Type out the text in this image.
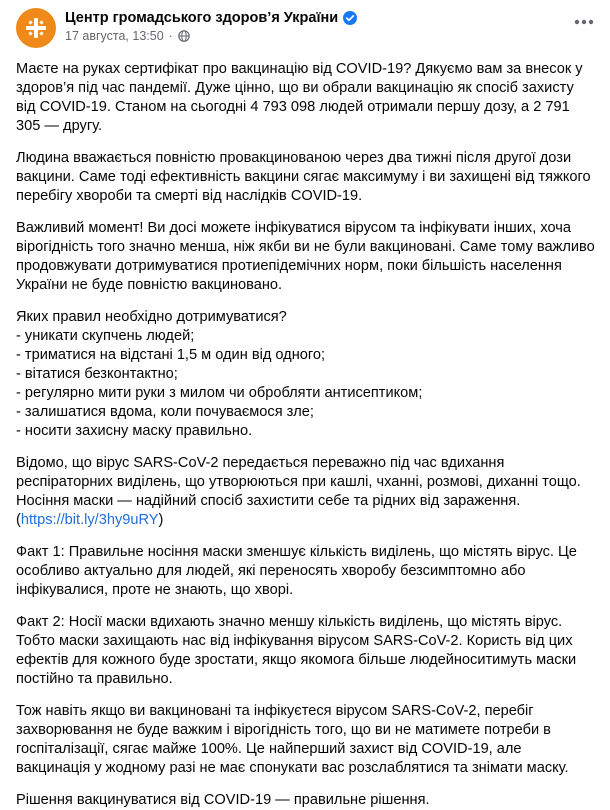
Центр громадського здоров’я України
17 августа, 13:50 ·

Маєте на руках сертифікат про вакцинацію від COVID-19? Дякуємо вам за внесок у здоров’я під час пандемії. Дуже цінно, що ви обрали вакцинацію як спосіб захисту від COVID-19. Станом на сьогодні 4 793 098 людей отримали першу дозу, а 2 791 305 — другу.

Людина вважається повністю провакцинованою через два тижні після другої дози вакцини. Саме тоді ефективність вакцини сягає максимуму і ви захищені від тяжкого перебігу хвороби та смерті від наслідків COVID-19.

Важливий момент! Ви досі можете інфікуватися вірусом та інфікувати інших, хоча вірогідність того значно менша, ніж якби ви не були вакциновані. Саме тому важливо продовжувати дотримуватися протиепідемічних норм, поки більшість населення України не буде повністю вакциновано.

Яких правил необхідно дотримуватися?
- уникати скупчень людей;
- триматися на відстані 1,5 м один від одного;
- вітатися безконтактно;
- регулярно мити руки з милом чи обробляти антисептиком;
- залишатися вдома, коли почуваємося зле;
- носити захисну маску правильно.

Відомо, що вірус SARS-CoV-2 передається переважно під час вдихання респіраторних виділень, що утворюються при кашлі, чханні, розмові, диханні тощо. Носіння маски — надійний спосіб захистити себе та рідних від зараження. (https://bit.ly/3hy9uRY)

Факт 1: Правильне носіння маски зменшує кількість виділень, що містять вірус. Це особливо актуально для людей, які переносять хворобу безсимптомно або інфікувалися, проте не знають, що хворі.

Факт 2: Носії маски вдихають значно меншу кількість виділень, що містять вірус. Тобто маски захищають нас від інфікування вірусом SARS-CoV-2. Користь від цих ефектів для кожного буде зростати, якщо якомога більше людейноситимуть маски постійно та правильно.

Тож навіть якщо ви вакциновані та інфікуєтеся вірусом SARS-CoV-2, перебіг захворювання не буде важким і вірогідність того, що ви не матимете потреби в госпіталізації, сягає майже 100%. Це найперший захист від COVID-19, але вакцинація у жодному разі не має спонукати вас розслаблятися та знімати маску.

Рішення вакцинуватися від COVID-19 — правильне рішення.
